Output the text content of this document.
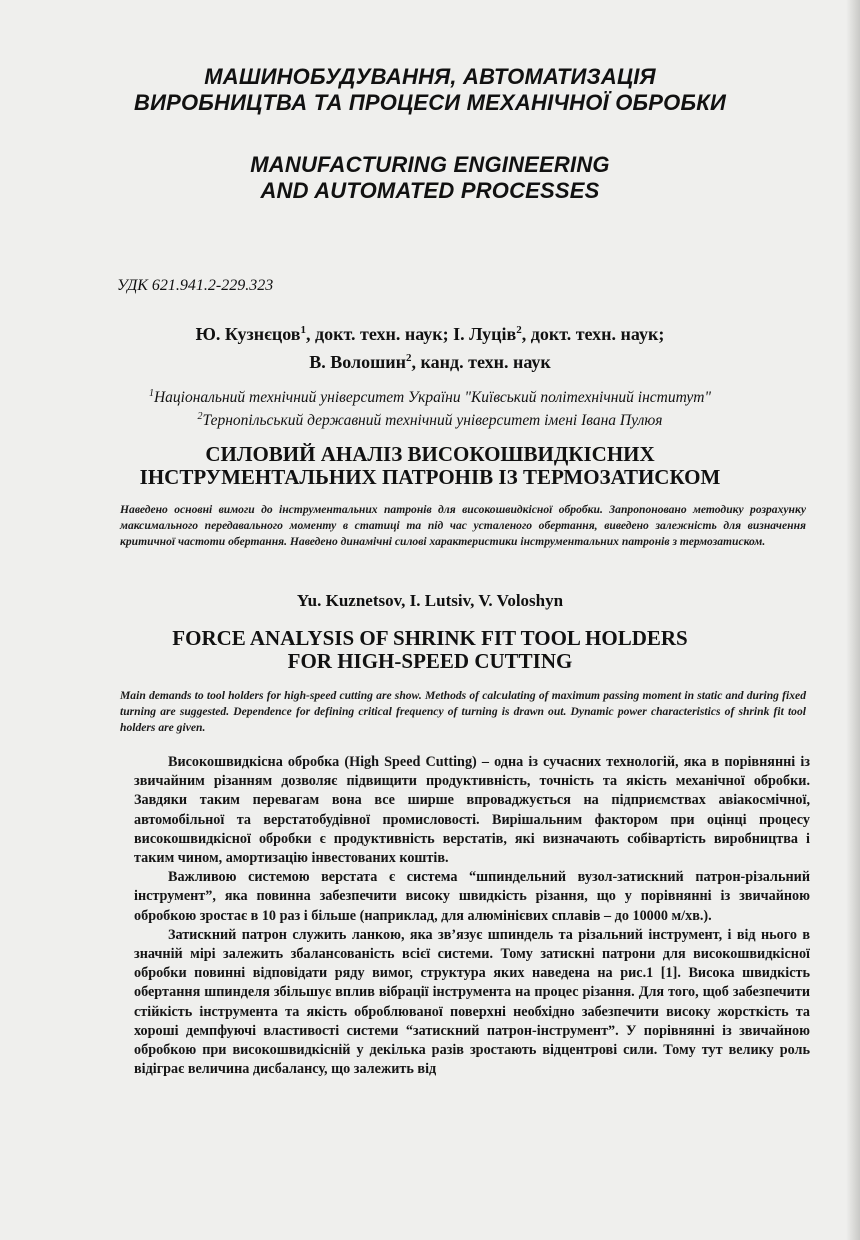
МАШИНОБУДУВАННЯ, АВТОМАТИЗАЦІЯ

ВИРОБНИЦТВА ТА ПРОЦЕСИ МЕХАНІЧНОЇ ОБРОБКИ

MANUFACTURING ENGINEERING

AND AUTOMATED PROCESSES

УДК 621.941.2-229.323

Ю. Кузнєцов$^1$, докт. техн. наук; І. Луців$^2$, докт. техн. наук;

В. Волошин$^2$, канд. техн. наук

$^1$Національний технічний університет України "Київський політехнічний інститут"

$^2$Тернопільський державний технічний університет імені Івана Пулюя

СИЛОВИЙ АНАЛІЗ ВИСОКОШВИДКІСНИХ

ІНСТРУМЕНТАЛЬНИХ ПАТРОНІВ ІЗ ТЕРМОЗАТИСКОМ

Наведено основні вимоги до інструментальних патронів для високошвидкісної обробки. Запропоновано методику розрахунку максимального передавального моменту в статиці та під час усталеного обертання, виведено залежність для визначення критичної частоти обертання. Наведено динамічні силові характеристики інструментальних патронів з термозатиском.

Yu. Kuznetsov, I. Lutsiv, V. Voloshyn

FORCE ANALYSIS OF SHRINK FIT TOOL HOLDERS

FOR HIGH-SPEED CUTTING

Main demands to tool holders for high-speed cutting are show. Methods of calculating of maximum passing moment in static and during fixed turning are suggested. Dependence for defining critical frequency of turning is drawn out. Dynamic power characteristics of shrink fit tool holders are given.

Високошвидкісна обробка (High Speed Cutting) – одна із сучасних технологій, яка в порівнянні із звичайним різанням дозволяє підвищити продуктивність, точність та якість механічної обробки. Завдяки таким перевагам вона все ширше впроваджується на підприємствах авіакосмічної, автомобільної та верстатобудівної промисловості. Вирішальним фактором при оцінці процесу високошвидкісної обробки є продуктивність верстатів, які визначають собівартість виробництва і таким чином, амортизацію інвестованих коштів.

Важливою системою верстата є система “шпиндельний вузол-затискний патрон-різальний інструмент”, яка повинна забезпечити високу швидкість різання, що у порівнянні із звичайною обробкою зростає в 10 раз і більше (наприклад, для алюмінієвих сплавів – до 10000 м/хв.).

Затискний патрон служить ланкою, яка зв’язує шпиндель та різальний інструмент, і від нього в значній мірі залежить збалансованість всієї системи. Тому затискні патрони для високошвидкісної обробки повинні відповідати ряду вимог, структура яких наведена на рис.1 [1]. Висока швидкість обертання шпинделя збільшує вплив вібрації інструмента на процес різання. Для того, щоб забезпечити стійкість інструмента та якість оброблюваної поверхні необхідно забезпечити високу жорсткість та хороші демпфуючі властивості системи “затискний патрон-інструмент”. У порівнянні із звичайною обробкою при високошвидкісній у декілька разів зростають відцентрові сили. Тому тут велику роль відіграє величина дисбалансу, що залежить від
